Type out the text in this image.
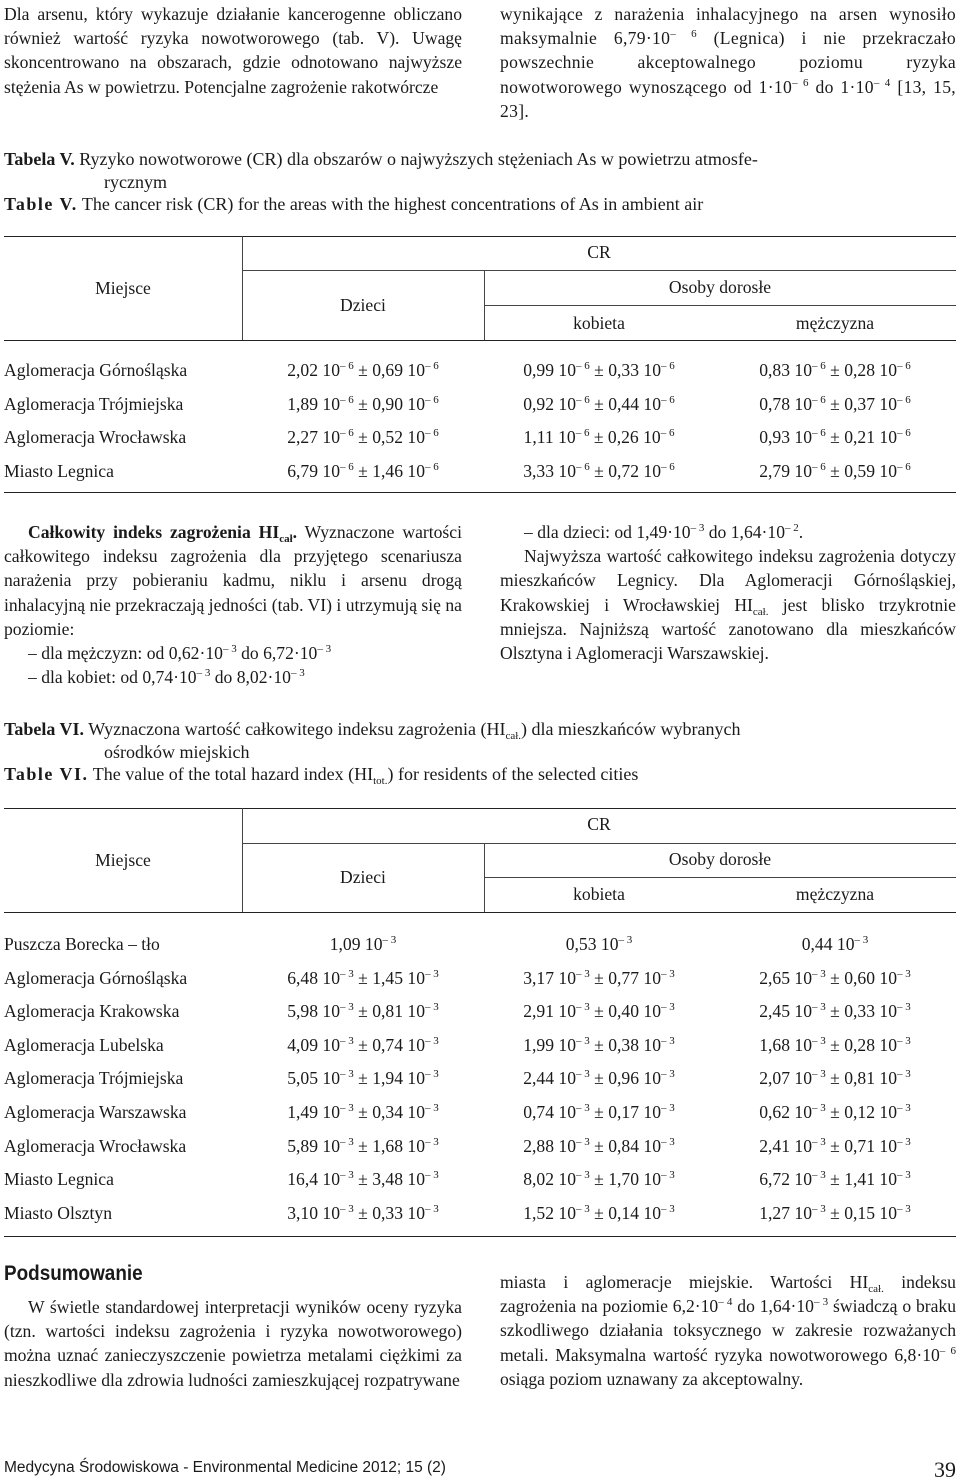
Dla arsenu, który wykazuje działanie kancerogenne obliczano również wartość ryzyka nowotworowego (tab. V). Uwagę skoncentrowano na obszarach, gdzie odnotowano najwyższe stężenia As w powietrzu. Potencjalne zagrożenie rakotwórcze

wynikające z narażenia inhalacyjnego na arsen wynosiło maksymalnie $6,79\cdot 10^{- 6}$ (Legnica) i nie przekraczało powszechnie akceptowalnego poziomu ryzyka nowotworowego wynoszącego od $1\cdot 10^{- 6}$ do $1\cdot 10^{- 4}$ [13, 15, 23].

Tabela V. Ryzyko nowotworowe (CR) dla obszarów o najwyższych stężeniach As w powietrzu atmosfe-
rycznym
Table V. The cancer risk (CR) for the areas with the highest concentrations of As in ambient air
Miejsce
CR
Dzieci
Osoby dorosłe
kobieta	mężczyzna
Aglomeracja Górnośląska	2,02 $10^{- 6} \pm 0,69$ $10^{- 6}$	0,99 $10^{- 6} \pm 0,33$ $10^{- 6}$	0,83 $10^{- 6} \pm 0,28$ $10^{- 6}$
Aglomeracja Trójmiejska	1,89 $10^{- 6} \pm 0,90$ $10^{- 6}$	0,92 $10^{- 6} \pm 0,44$ $10^{- 6}$	0,78 $10^{- 6} \pm 0,37$ $10^{- 6}$
Aglomeracja Wrocławska	2,27 $10^{- 6} \pm 0,52$ $10^{- 6}$	1,11 $10^{- 6} \pm 0,26$ $10^{- 6}$	0,93 $10^{- 6} \pm 0,21$ $10^{- 6}$
Miasto Legnica	6,79 $10^{- 6} \pm 1,46$ $10^{- 6}$	3,33 $10^{- 6} \pm 0,72$ $10^{- 6}$	2,79 $10^{- 6} \pm 0,59$ $10^{- 6}$

Całkowity indeks zagrożenia $HI_{cał}$. Wyznaczone wartości całkowitego indeksu zagrożenia dla przyjętego scenariusza narażenia przy pobieraniu kadmu, niklu i arsenu drogą inhalacyjną nie przekraczają jedności (tab. VI) i utrzymują się na poziomie:

– dla mężczyzn: od $0,62\cdot 10^{- 3}$ do $6,72\cdot 10^{- 3}$
– dla kobiet: od $0,74\cdot 10^{- 3}$ do $8,02\cdot 10^{- 3}$
– dla dzieci: od $1,49\cdot 10^{- 3}$ do $1,64\cdot 10^{- 2}$.

Najwyższa wartość całkowitego indeksu zagrożenia dotyczy mieszkańców Legnicy. Dla Aglomeracji Górnośląskiej, Krakowskiej i Wrocławskiej $HI_{cał.}$ jest blisko trzykrotnie mniejsza. Najniższą wartość zanotowano dla mieszkańców Olsztyna i Aglomeracji Warszawskiej.

Tabela VI. Wyznaczona wartość całkowitego indeksu zagrożenia $(HI_{cał.})$ dla mieszkańców wybranych
ośrodków miejskich
Table VI. The value of the total hazard index $(HI_{tot.})$ for residents of the selected cities
Miejsce
CR
Dzieci
Osoby dorosłe
kobieta	mężczyzna
Puszcza Borecka – tło	1,09 $10^{- 3}$	0,53 $10^{- 3}$	0,44 $10^{- 3}$
Aglomeracja Górnośląska	6,48 $10^{- 3} \pm 1,45$ $10^{- 3}$	3,17 $10^{- 3} \pm 0,77$ $10^{- 3}$	2,65 $10^{- 3} \pm 0,60$ $10^{- 3}$
Aglomeracja Krakowska	5,98 $10^{- 3} \pm 0,81$ $10^{- 3}$	2,91 $10^{- 3} \pm 0,40$ $10^{- 3}$	2,45 $10^{- 3} \pm 0,33$ $10^{- 3}$
Aglomeracja Lubelska	4,09 $10^{- 3} \pm 0,74$ $10^{- 3}$	1,99 $10^{- 3} \pm 0,38$ $10^{- 3}$	1,68 $10^{- 3} \pm 0,28$ $10^{- 3}$
Aglomeracja Trójmiejska	5,05 $10^{- 3} \pm 1,94$ $10^{- 3}$	2,44 $10^{- 3} \pm 0,96$ $10^{- 3}$	2,07 $10^{- 3} \pm 0,81$ $10^{- 3}$
Aglomeracja Warszawska	1,49 $10^{- 3} \pm 0,34$ $10^{- 3}$	0,74 $10^{- 3} \pm 0,17$ $10^{- 3}$	0,62 $10^{- 3} \pm 0,12$ $10^{- 3}$
Aglomeracja Wrocławska	5,89 $10^{- 3} \pm 1,68$ $10^{- 3}$	2,88 $10^{- 3} \pm 0,84$ $10^{- 3}$	2,41 $10^{- 3} \pm 0,71$ $10^{- 3}$
Miasto Legnica	16,4 $10^{- 3} \pm 3,48$ $10^{- 3}$	8,02 $10^{- 3} \pm 1,70$ $10^{- 3}$	6,72 $10^{- 3} \pm 1,41$ $10^{- 3}$
Miasto Olsztyn	3,10 $10^{- 3} \pm 0,33$ $10^{- 3}$	1,52 $10^{- 3} \pm 0,14$ $10^{- 3}$	1,27 $10^{- 3} \pm 0,15$ $10^{- 3}$
Podsumowanie

W świetle standardowej interpretacji wyników oceny ryzyka (tzn. wartości indeksu zagrożenia i ryzyka nowotworowego) można uznać zanieczyszczenie powietrza metalami ciężkimi za nieszkodliwe dla zdrowia ludności zamieszkującej rozpatrywane

miasta i aglomeracje miejskie. Wartości $HI_{cał.}$ indeksu zagrożenia na poziomie $6,2\cdot 10^{- 4}$ do $1,64\cdot 10^{- 3}$ świadczą o braku szkodliwego działania toksycznego w zakresie rozważanych metali. Maksymalna wartość ryzyka nowotworowego $6,8\cdot 10^{- 6}$ osiąga poziom uznawany za akceptowalny.

Medycyna Środowiskowa - Environmental Medicine 2012; 15 (2)	39
